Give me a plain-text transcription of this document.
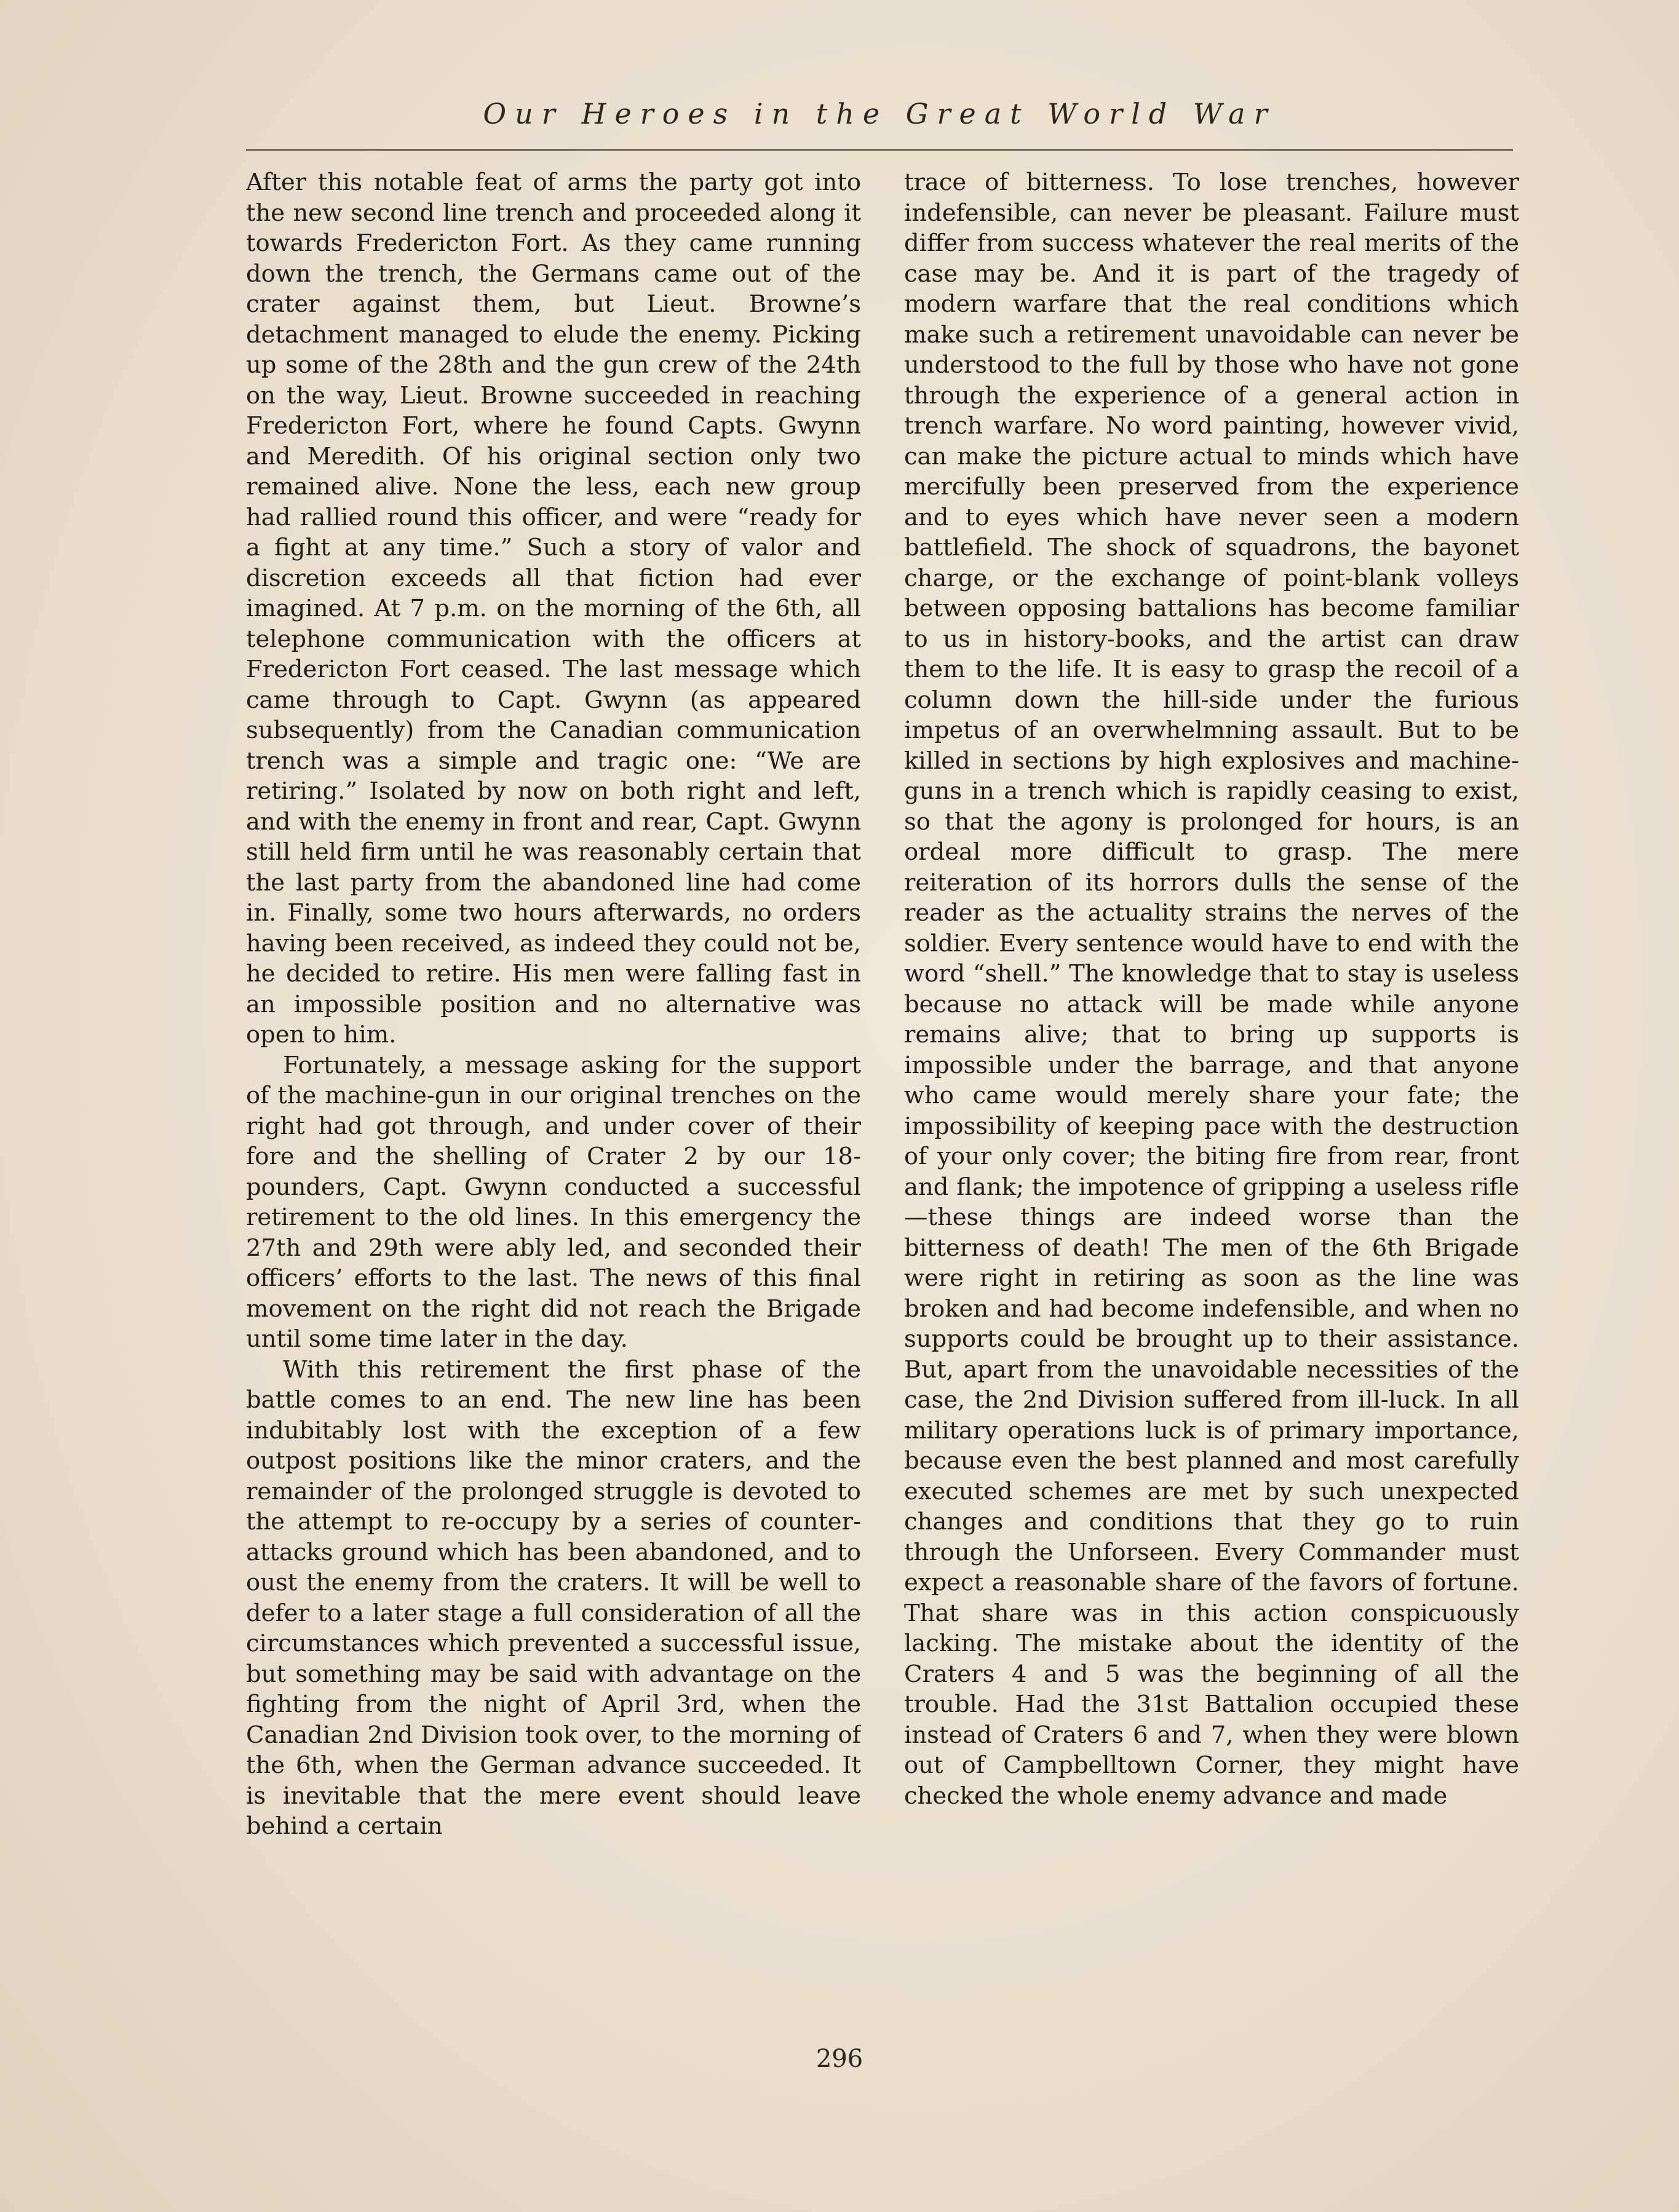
Our Heroes in the Great World War

After this notable feat of arms the party got into the new second line trench and proceeded along it towards Fredericton Fort. As they came running down the trench, the Germans came out of the crater against them, but Lieut. Browne’s detachment managed to elude the enemy. Picking up some of the 28th and the gun crew of the 24th on the way, Lieut. Browne succeeded in reaching Fredericton Fort, where he found Capts. Gwynn and Meredith. Of his original section only two remained alive. None the less, each new group had rallied round this officer, and were “ready for a fight at any time.” Such a story of valor and discretion exceeds all that fiction had ever imagined. At 7 p.m. on the morning of the 6th, all telephone communication with the officers at Fredericton Fort ceased. The last message which came through to Capt. Gwynn (as appeared subsequently) from the Canadian communication trench was a simple and tragic one: “We are retiring.” Isolated by now on both right and left, and with the enemy in front and rear, Capt. Gwynn still held firm until he was reasonably certain that the last party from the abandoned line had come in. Finally, some two hours afterwards, no orders having been received, as indeed they could not be, he decided to retire. His men were falling fast in an impossible position and no alternative was open to him.

Fortunately, a message asking for the support of the machine-gun in our original trenches on the right had got through, and under cover of their fore and the shelling of Crater 2 by our 18-pounders, Capt. Gwynn conducted a successful retirement to the old lines. In this emergency the 27th and 29th were ably led, and seconded their officers’ efforts to the last. The news of this final movement on the right did not reach the Brigade until some time later in the day.

With this retirement the first phase of the battle comes to an end. The new line has been indubitably lost with the exception of a few outpost positions like the minor craters, and the remainder of the prolonged struggle is devoted to the attempt to re-occupy by a series of counter-attacks ground which has been abandoned, and to oust the enemy from the craters. It will be well to defer to a later stage a full consideration of all the circumstances which prevented a successful issue, but something may be said with advantage on the fighting from the night of April 3rd, when the Canadian 2nd Division took over, to the morning of the 6th, when the German advance succeeded. It is inevitable that the mere event should leave behind a certain

trace of bitterness. To lose trenches, however indefensible, can never be pleasant. Failure must differ from success whatever the real merits of the case may be. And it is part of the tragedy of modern warfare that the real conditions which make such a retirement unavoidable can never be understood to the full by those who have not gone through the experience of a general action in trench warfare. No word painting, however vivid, can make the picture actual to minds which have mercifully been preserved from the experience and to eyes which have never seen a modern battlefield. The shock of squadrons, the bayonet charge, or the exchange of point-blank volleys between opposing battalions has become familiar to us in history-books, and the artist can draw them to the life. It is easy to grasp the recoil of a column down the hill-side under the furious impetus of an overwhelmning assault. But to be killed in sections by high explosives and machine-guns in a trench which is rapidly ceasing to exist, so that the agony is prolonged for hours, is an ordeal more difficult to grasp. The mere reiteration of its horrors dulls the sense of the reader as the actuality strains the nerves of the soldier. Every sentence would have to end with the word “shell.” The knowledge that to stay is useless because no attack will be made while anyone remains alive; that to bring up supports is impossible under the barrage, and that anyone who came would merely share your fate; the impossibility of keeping pace with the destruction of your only cover; the biting fire from rear, front and flank; the impotence of gripping a useless rifle—these things are indeed worse than the bitterness of death! The men of the 6th Brigade were right in retiring as soon as the line was broken and had become indefensible, and when no supports could be brought up to their assistance. But, apart from the unavoidable necessities of the case, the 2nd Division suffered from ill-luck. In all military operations luck is of primary importance, because even the best planned and most carefully executed schemes are met by such unexpected changes and conditions that they go to ruin through the Unforseen. Every Commander must expect a reasonable share of the favors of fortune. That share was in this action conspicuously lacking. The mistake about the identity of the Craters 4 and 5 was the beginning of all the trouble. Had the 31st Battalion occupied these instead of Craters 6 and 7, when they were blown out of Campbelltown Corner, they might have checked the whole enemy advance and made

296
